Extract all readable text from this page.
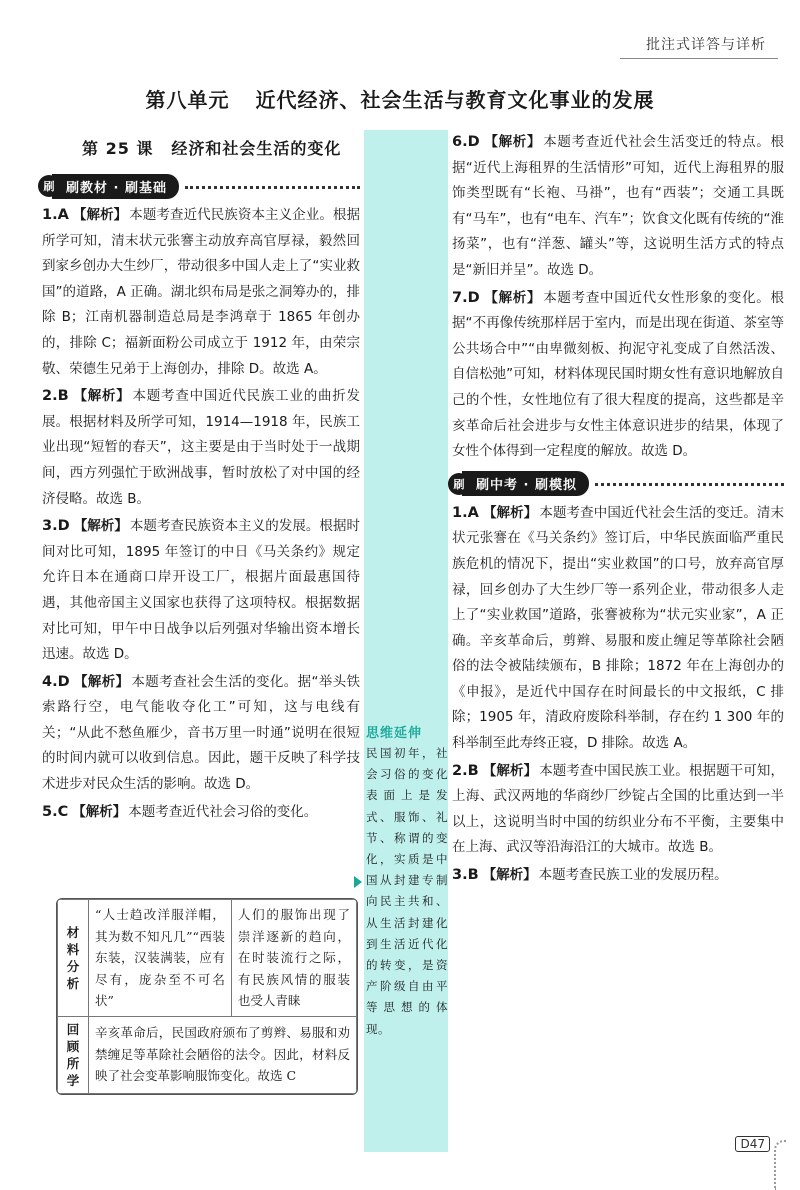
批注式详答与详析
第八单元 近代经济、社会生活与教育文化事业的发展
第 25 课 经济和社会生活的变化
刷 刷教材 · 刷基础

1.A 【解析】 本题考查近代民族资本主义企业。根据所学可知，清末状元张謇主动放弃高官厚禄，毅然回到家乡创办大生纱厂，带动很多中国人走上了“实业救国”的道路，A 正确。湖北织布局是张之洞筹办的，排除 B；江南机器制造总局是李鸿章于 1865 年创办的，排除 C；福新面粉公司成立于 1912 年，由荣宗敬、荣德生兄弟于上海创办，排除 D。故选 A。

2.B 【解析】 本题考查中国近代民族工业的曲折发展。根据材料及所学可知，1914—1918 年，民族工业出现“短暂的春天”，这主要是由于当时处于一战期间，西方列强忙于欧洲战事，暂时放松了对中国的经济侵略。故选 B。

3.D 【解析】 本题考查民族资本主义的发展。根据时间对比可知，1895 年签订的中日《马关条约》规定允许日本在通商口岸开设工厂，根据片面最惠国待遇，其他帝国主义国家也获得了这项特权。根据数据对比可知，甲午中日战争以后列强对华输出资本增长迅速。故选 D。

4.D 【解析】 本题考查社会生活的变化。据“举头铁索路行空，电气能收夺化工”可知，这与电线有关；“从此不愁鱼雁少，音书万里一时通”说明在很短的时间内就可以收到信息。因此，题干反映了科学技术进步对民众生活的影响。故选 D。

5.C 【解析】 本题考查近代社会习俗的变化。

材料分析	“人士趋改洋服洋帽，其为数不知凡几”“西装东装，汉装满装，应有尽有，庞杂至不可名状”	人们的服饰出现了崇洋逐新的趋向，在时装流行之际，有民族风情的服装也受人青睐
回顾所学	辛亥革命后，民国政府颁布了剪辫、易服和劝禁缠足等革除社会陋俗的法令。因此，材料反映了社会变革影响服饰变化。故选 C	
思维延伸
民国初年，社会习俗的变化表面上是发式、服饰、礼节、称谓的变化，实质是中国从封建专制向民主共和、从生活封建化到生活近代化的转变，是资产阶级自由平等思想的体现。

6.D 【解析】 本题考查近代社会生活变迁的特点。根据“近代上海租界的生活情形”可知，近代上海租界的服饰类型既有“长袍、马褂”，也有“西装”；交通工具既有“马车”，也有“电车、汽车”；饮食文化既有传统的“淮扬菜”，也有“洋葱、罐头”等，这说明生活方式的特点是“新旧并呈”。故选 D。

7.D 【解析】 本题考查中国近代女性形象的变化。根据“不再像传统那样居于室内，而是出现在街道、茶室等公共场合中”“由卑微刻板、拘泥守礼变成了自然活泼、自信松弛”可知，材料体现民国时期女性有意识地解放自己的个性，女性地位有了很大程度的提高，这些都是辛亥革命后社会进步与女性主体意识进步的结果，体现了女性个体得到一定程度的解放。故选 D。

刷 刷中考 · 刷模拟

1.A 【解析】 本题考查中国近代社会生活的变迁。清末状元张謇在《马关条约》签订后，中华民族面临严重民族危机的情况下，提出“实业救国”的口号，放弃高官厚禄，回乡创办了大生纱厂等一系列企业，带动很多人走上了“实业救国”道路，张謇被称为“状元实业家”，A 正确。辛亥革命后，剪辫、易服和废止缠足等革除社会陋俗的法令被陆续颁布，B 排除；1872 年在上海创办的《申报》，是近代中国存在时间最长的中文报纸，C 排除；1905 年，清政府废除科举制，存在约 1 300 年的科举制至此寿终正寝，D 排除。故选 A。

2.B 【解析】 本题考查中国民族工业。根据题干可知，上海、武汉两地的华商纱厂纱锭占全国的比重达到一半以上，这说明当时中国的纺织业分布不平衡，主要集中在上海、武汉等沿海沿江的大城市。故选 B。

3.B 【解析】 本题考查民族工业的发展历程。

D47
